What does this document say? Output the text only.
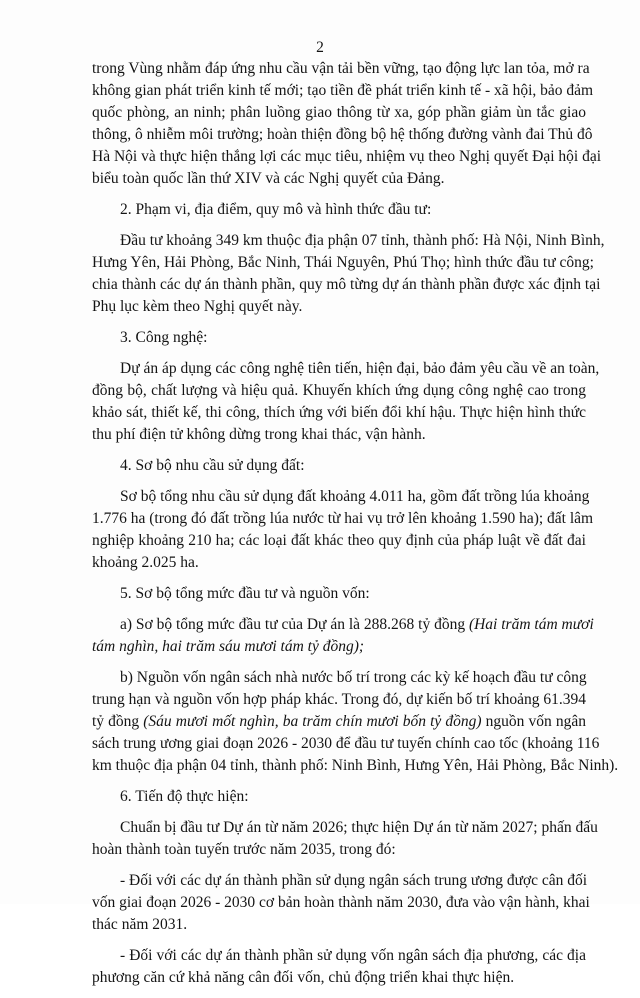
2
trong Vùng nhằm đáp ứng nhu cầu vận tải bền vững, tạo động lực lan tỏa, mở ra
không gian phát triển kinh tế mới; tạo tiền đề phát triển kinh tế - xã hội, bảo đảm
quốc phòng, an ninh; phân luồng giao thông từ xa, góp phần giảm ùn tắc giao
thông, ô nhiễm môi trường; hoàn thiện đồng bộ hệ thống đường vành đai Thủ đô
Hà Nội và thực hiện thắng lợi các mục tiêu, nhiệm vụ theo Nghị quyết Đại hội đại
biểu toàn quốc lần thứ XIV và các Nghị quyết của Đảng.
2. Phạm vi, địa điểm, quy mô và hình thức đầu tư:
Đầu tư khoảng 349 km thuộc địa phận 07 tỉnh, thành phố: Hà Nội, Ninh Bình,
Hưng Yên, Hải Phòng, Bắc Ninh, Thái Nguyên, Phú Thọ; hình thức đầu tư công;
chia thành các dự án thành phần, quy mô từng dự án thành phần được xác định tại
Phụ lục kèm theo Nghị quyết này.
3. Công nghệ:
Dự án áp dụng các công nghệ tiên tiến, hiện đại, bảo đảm yêu cầu về an toàn,
đồng bộ, chất lượng và hiệu quả. Khuyến khích ứng dụng công nghệ cao trong
khảo sát, thiết kế, thi công, thích ứng với biến đổi khí hậu. Thực hiện hình thức
thu phí điện tử không dừng trong khai thác, vận hành.
4. Sơ bộ nhu cầu sử dụng đất:
Sơ bộ tổng nhu cầu sử dụng đất khoảng 4.011 ha, gồm đất trồng lúa khoảng
1.776 ha (trong đó đất trồng lúa nước từ hai vụ trở lên khoảng 1.590 ha); đất lâm
nghiệp khoảng 210 ha; các loại đất khác theo quy định của pháp luật về đất đai
khoảng 2.025 ha.
5. Sơ bộ tổng mức đầu tư và nguồn vốn:
a) Sơ bộ tổng mức đầu tư của Dự án là 288.268 tỷ đồng (Hai trăm tám mươi
tám nghìn, hai trăm sáu mươi tám tỷ đồng);
b) Nguồn vốn ngân sách nhà nước bố trí trong các kỳ kế hoạch đầu tư công
trung hạn và nguồn vốn hợp pháp khác. Trong đó, dự kiến bố trí khoảng 61.394
tỷ đồng (Sáu mươi mốt nghìn, ba trăm chín mươi bốn tỷ đồng) nguồn vốn ngân
sách trung ương giai đoạn 2026 - 2030 để đầu tư tuyến chính cao tốc (khoảng 116
km thuộc địa phận 04 tỉnh, thành phố: Ninh Bình, Hưng Yên, Hải Phòng, Bắc Ninh).
6. Tiến độ thực hiện:
Chuẩn bị đầu tư Dự án từ năm 2026; thực hiện Dự án từ năm 2027; phấn đấu
hoàn thành toàn tuyến trước năm 2035, trong đó:
- Đối với các dự án thành phần sử dụng ngân sách trung ương được cân đối
vốn giai đoạn 2026 - 2030 cơ bản hoàn thành năm 2030, đưa vào vận hành, khai
thác năm 2031.
- Đối với các dự án thành phần sử dụng vốn ngân sách địa phương, các địa
phương căn cứ khả năng cân đối vốn, chủ động triển khai thực hiện.
